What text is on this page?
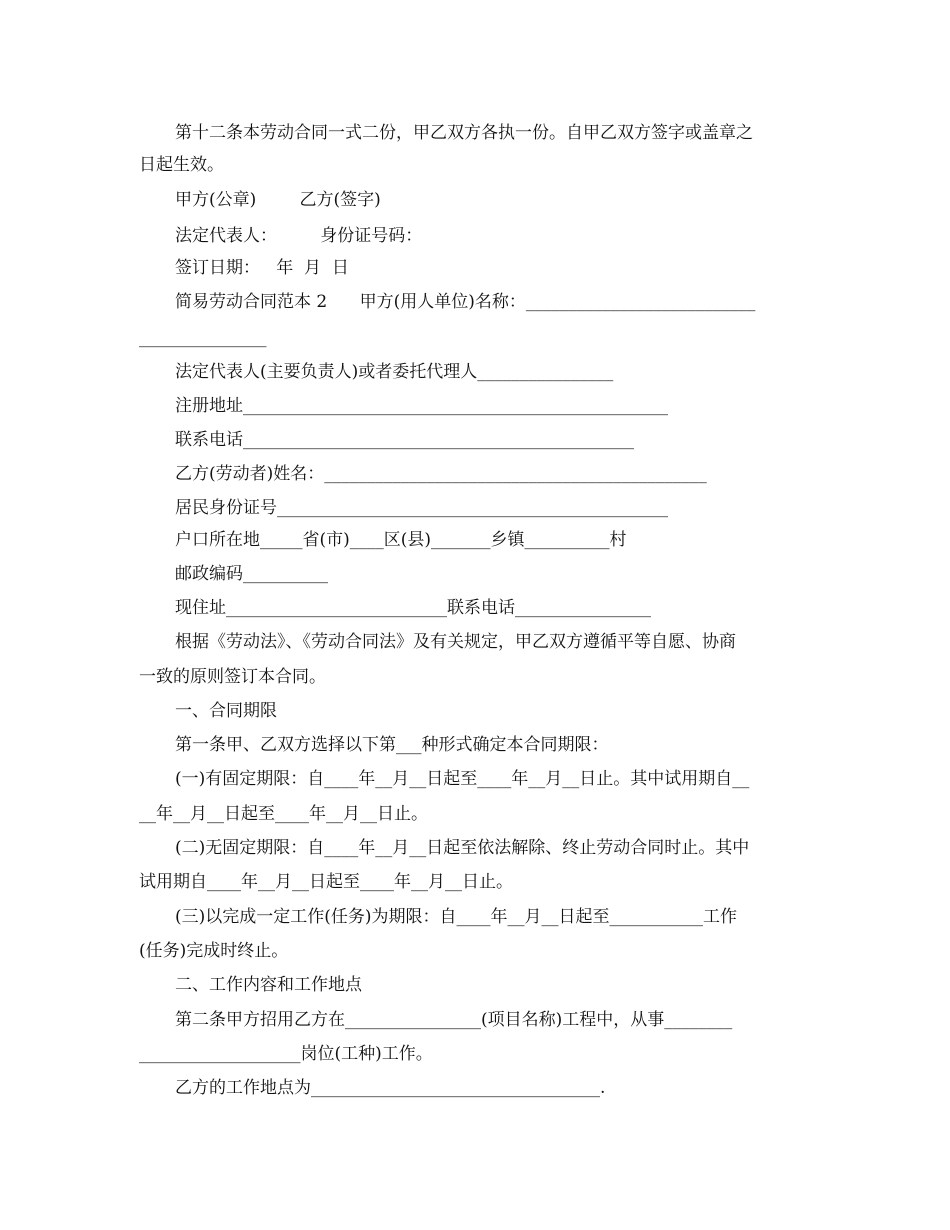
第十二条本劳动合同一式二份，甲乙双方各执一份。自甲乙双方签字或盖章之
日起生效。
甲方(公章)        乙方(签字)
法定代表人：        身份证号码：
签订日期：   年  月  日
简易劳动合同范本 2      甲方(用人单位)名称：___________________________
_______________
法定代表人(主要负责人)或者委托代理人________________
注册地址__________________________________________________
联系电话______________________________________________
乙方(劳动者)姓名：_____________________________________________
居民身份证号______________________________________________
户口所在地_____省(市)____区(县)_______乡镇__________村
邮政编码__________
现住址__________________________联系电话________________
根据《劳动法》、《劳动合同法》及有关规定，甲乙双方遵循平等自愿、协商
一致的原则签订本合同。
一、合同期限
第一条甲、乙双方选择以下第___种形式确定本合同期限：
(一)有固定期限：自____年__月__日起至____年__月__日止。其中试用期自__
__年__月__日起至____年__月__日止。
(二)无固定期限：自____年__月__日起至依法解除、终止劳动合同时止。其中
试用期自____年__月__日起至____年__月__日止。
(三)以完成一定工作(任务)为期限：自____年__月__日起至___________工作
(任务)完成时终止。
二、工作内容和工作地点
第二条甲方招用乙方在________________(项目名称)工程中，从事________
___________________岗位(工种)工作。
乙方的工作地点为__________________________________.
